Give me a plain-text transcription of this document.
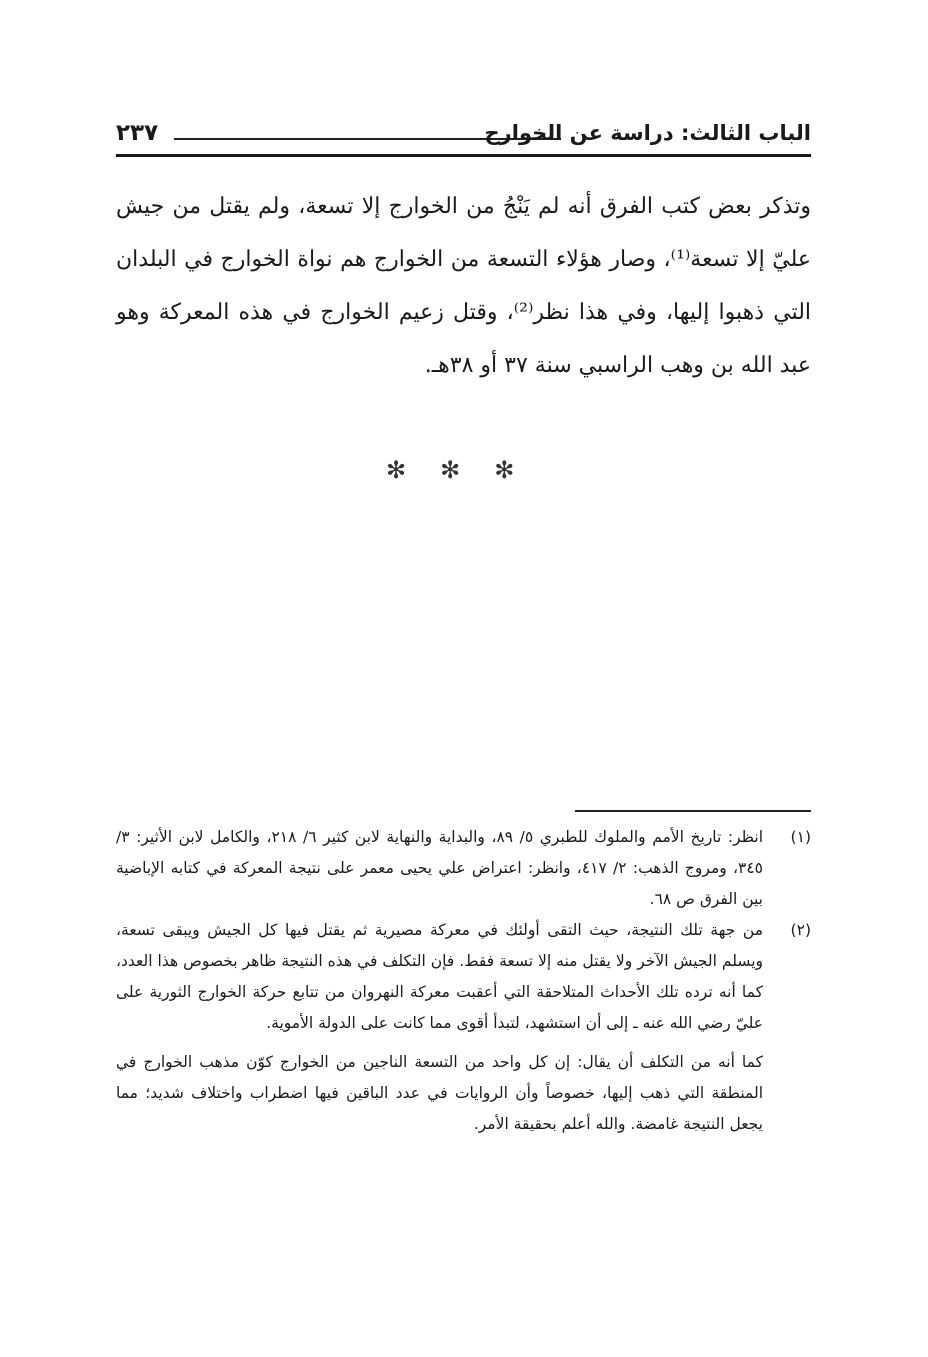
٢٣٧	الباب الثالث: دراسة عن الخوارج

وتذكر بعض كتب الفرق أنه لم يَنْجُ من الخوارج إلا تسعة، ولم يقتل من جيش عليّ إلا تسعة⁽¹⁾، وصار هؤلاء التسعة من الخوارج هم نواة الخوارج في البلدان التي ذهبوا إليها، وفي هذا نظر⁽²⁾، وقتل زعيم الخوارج في هذه المعركة وهو عبد الله بن وهب الراسبي سنة ٣٧ أو ٣٨هـ.

✻✻✻
( ١ )

انظر: تاريخ الأمم والملوك للطبري ٥/ ٨٩، والبداية والنهاية لابن كثير ٦/ ٢١٨، والكامل لابن الأثير: ٣/ ٣٤٥، ومروج الذهب: ٢/ ٤١٧، وانظر: اعتراض علي يحيى معمر على نتيجة المعركة في كتابه الإباضية بين الفرق ص ٦٨.

( ٢ )

من جهة تلك النتيجة، حيث التقى أولئك في معركة مصيرية ثم يقتل فيها كل الجيش ويبقى تسعة، ويسلم الجيش الآخر ولا يقتل منه إلا تسعة فقط. فإن التكلف في هذه النتيجة ظاهر بخصوص هذا العدد، كما أنه ترده تلك الأحداث المتلاحقة التي أعقبت معركة النهروان من تتابع حركة الخوارج الثورية على عليّ رضي الله عنه ـ إلى أن استشهد، لتبدأ أقوى مما كانت على الدولة الأموية.

كما أنه من التكلف أن يقال: إن كل واحد من التسعة الناجين من الخوارج كوّن مذهب الخوارج في المنطقة التي ذهب إليها، خصوصاً وأن الروايات في عدد الباقين فيها اضطراب واختلاف شديد؛ مما يجعل النتيجة غامضة. والله أعلم بحقيقة الأمر.
